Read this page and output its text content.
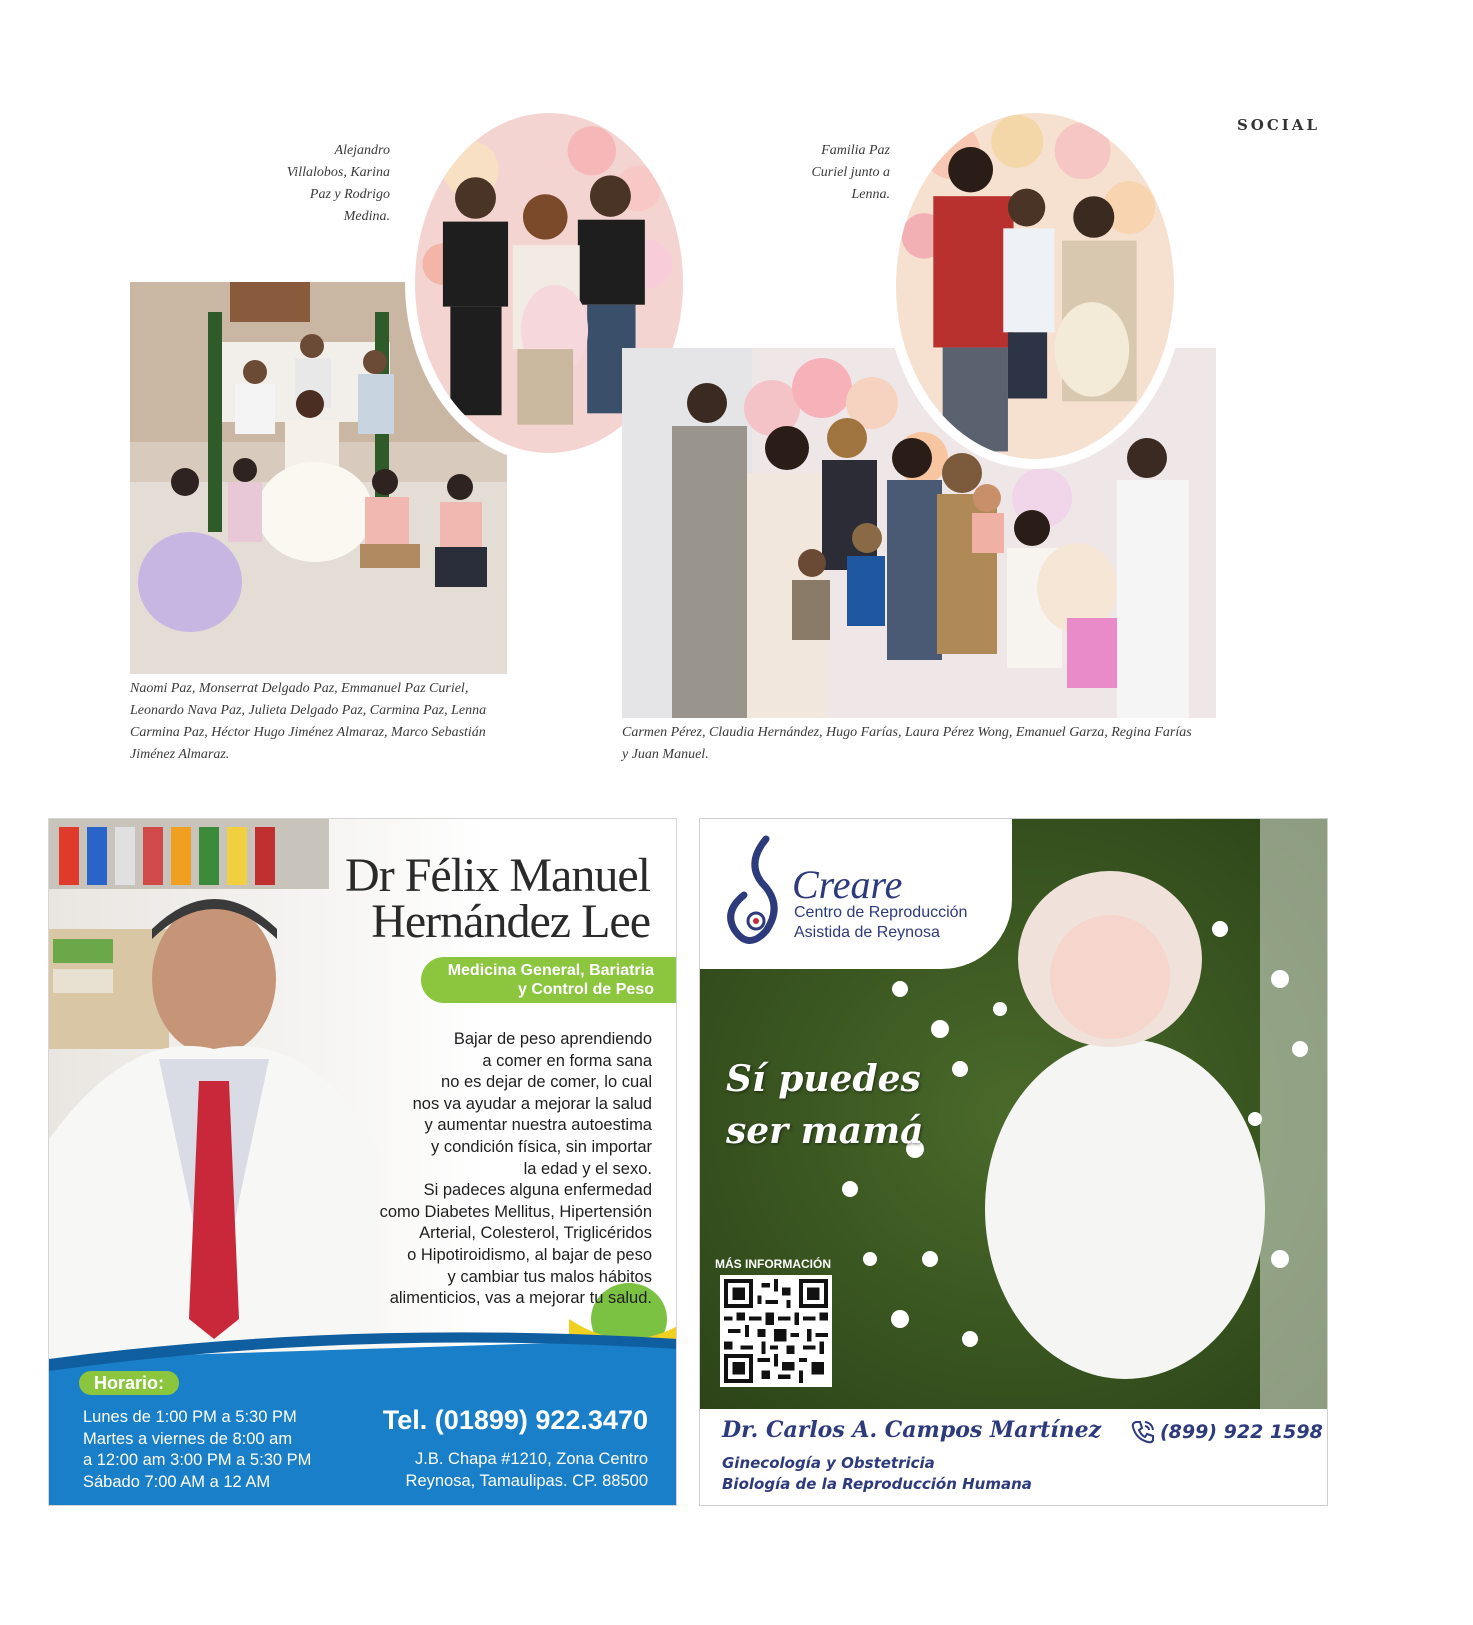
SOCIAL
Alejandro
Villalobos, Karina
Paz y Rodrigo
Medina.
Familia Paz
Curiel junto a
Lenna.
Naomi Paz, Monserrat Delgado Paz, Emmanuel Paz Curiel,
Leonardo Nava Paz, Julieta Delgado Paz, Carmina Paz, Lenna
Carmina Paz, Héctor Hugo Jiménez Almaraz, Marco Sebastián
Jiménez Almaraz.
Carmen Pérez, Claudia Hernández, Hugo Farías, Laura Pérez Wong, Emanuel Garza, Regina Farías
y Juan Manuel.
Dr Félix Manuel
Hernández Lee
Medicina General, Bariatria
y Control de Peso
Bajar de peso aprendiendo
a comer en forma sana
no es dejar de comer, lo cual
nos va ayudar a mejorar la salud
y aumentar nuestra autoestima
y condición física, sin importar
la edad y el sexo.
Si padeces alguna enfermedad
como Diabetes Mellitus, Hipertensión
Arterial, Colesterol, Triglicéridos
o Hipotiroidismo, al bajar de peso
y cambiar tus malos hábitos
alimenticios, vas a mejorar tu salud.
Horario:
Lunes de 1:00 PM a 5:30 PM
Martes a viernes de 8:00 am
a 12:00 am 3:00 PM a 5:30 PM
Sábado 7:00 AM a 12 AM
Tel. (01899) 922.3470
J.B. Chapa #1210, Zona Centro
Reynosa, Tamaulipas. CP. 88500
Creare
Centro de Reproducción
Asistida de Reynosa
Sí puedes
ser mamá
MÁS INFORMACIÓN
Dr. Carlos A. Campos Martínez	(899) 922 1598
Ginecología y Obstetricia
Biología de la Reproducción Humana
